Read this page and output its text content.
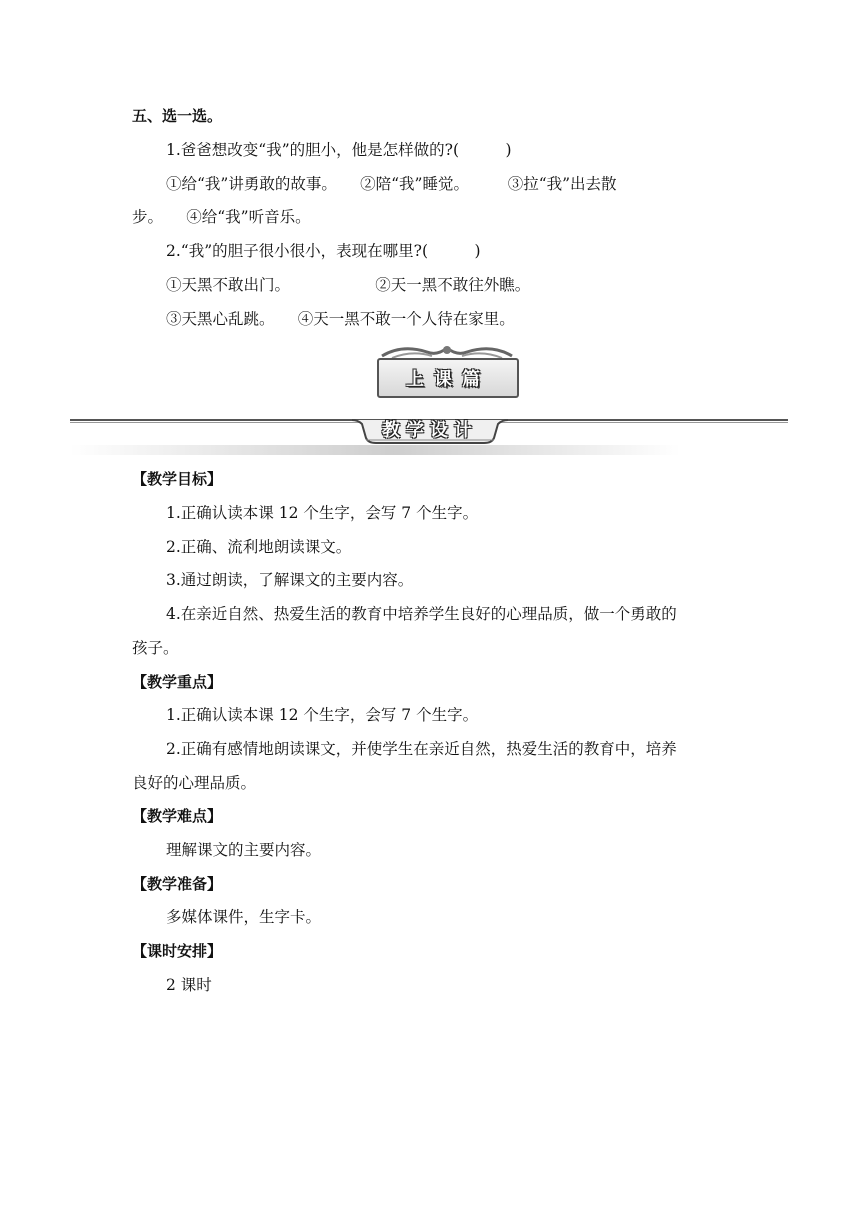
五、选一选。
1.爸爸想改变“我”的胆小，他是怎样做的?(　　　)
①给“我”讲勇敢的故事。　　②陪“我”睡觉。　　　③拉“我”出去散
步。　　④给“我”听音乐。
2.“我”的胆子很小很小，表现在哪里?(　　　)
①天黑不敢出门。　　　　　　②天一黑不敢往外瞧。
③天黑心乱跳。　　④天一黑不敢一个人待在家里。
上课篇
教学设计
【教学目标】
1.正确认读本课 12 个生字，会写 7 个生字。
2.正确、流利地朗读课文。
3.通过朗读，了解课文的主要内容。
4.在亲近自然、热爱生活的教育中培养学生良好的心理品质，做一个勇敢的
孩子。
【教学重点】
1.正确认读本课 12 个生字，会写 7 个生字。
2.正确有感情地朗读课文，并使学生在亲近自然，热爱生活的教育中，培养
良好的心理品质。
【教学难点】
理解课文的主要内容。
【教学准备】
多媒体课件，生字卡。
【课时安排】
2 课时
